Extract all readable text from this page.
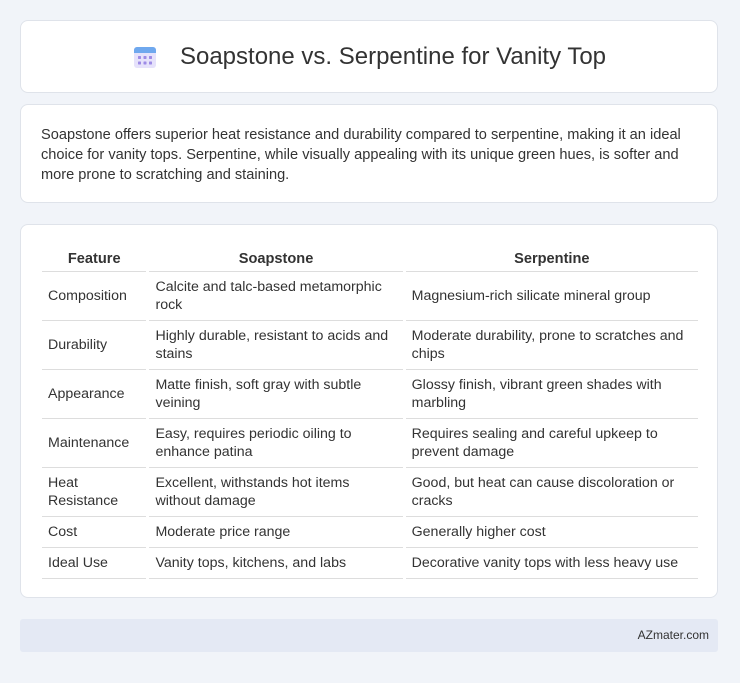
Soapstone vs. Serpentine for Vanity Top

Soapstone offers superior heat resistance and durability compared to serpentine, making it an ideal choice for vanity tops. Serpentine, while visually appealing with its unique green hues, is softer and more prone to scratching and staining.

Feature	Soapstone	Serpentine
Composition	Calcite and talc-based metamorphic rock	Magnesium-rich silicate mineral group
Durability	Highly durable, resistant to acids and stains	Moderate durability, prone to scratches and chips
Appearance	Matte finish, soft gray with subtle veining	Glossy finish, vibrant green shades with marbling
Maintenance	Easy, requires periodic oiling to enhance patina	Requires sealing and careful upkeep to prevent damage
Heat Resistance	Excellent, withstands hot items without damage	Good, but heat can cause discoloration or cracks
Cost	Moderate price range	Generally higher cost
Ideal Use	Vanity tops, kitchens, and labs	Decorative vanity tops with less heavy use
AZmater.com
